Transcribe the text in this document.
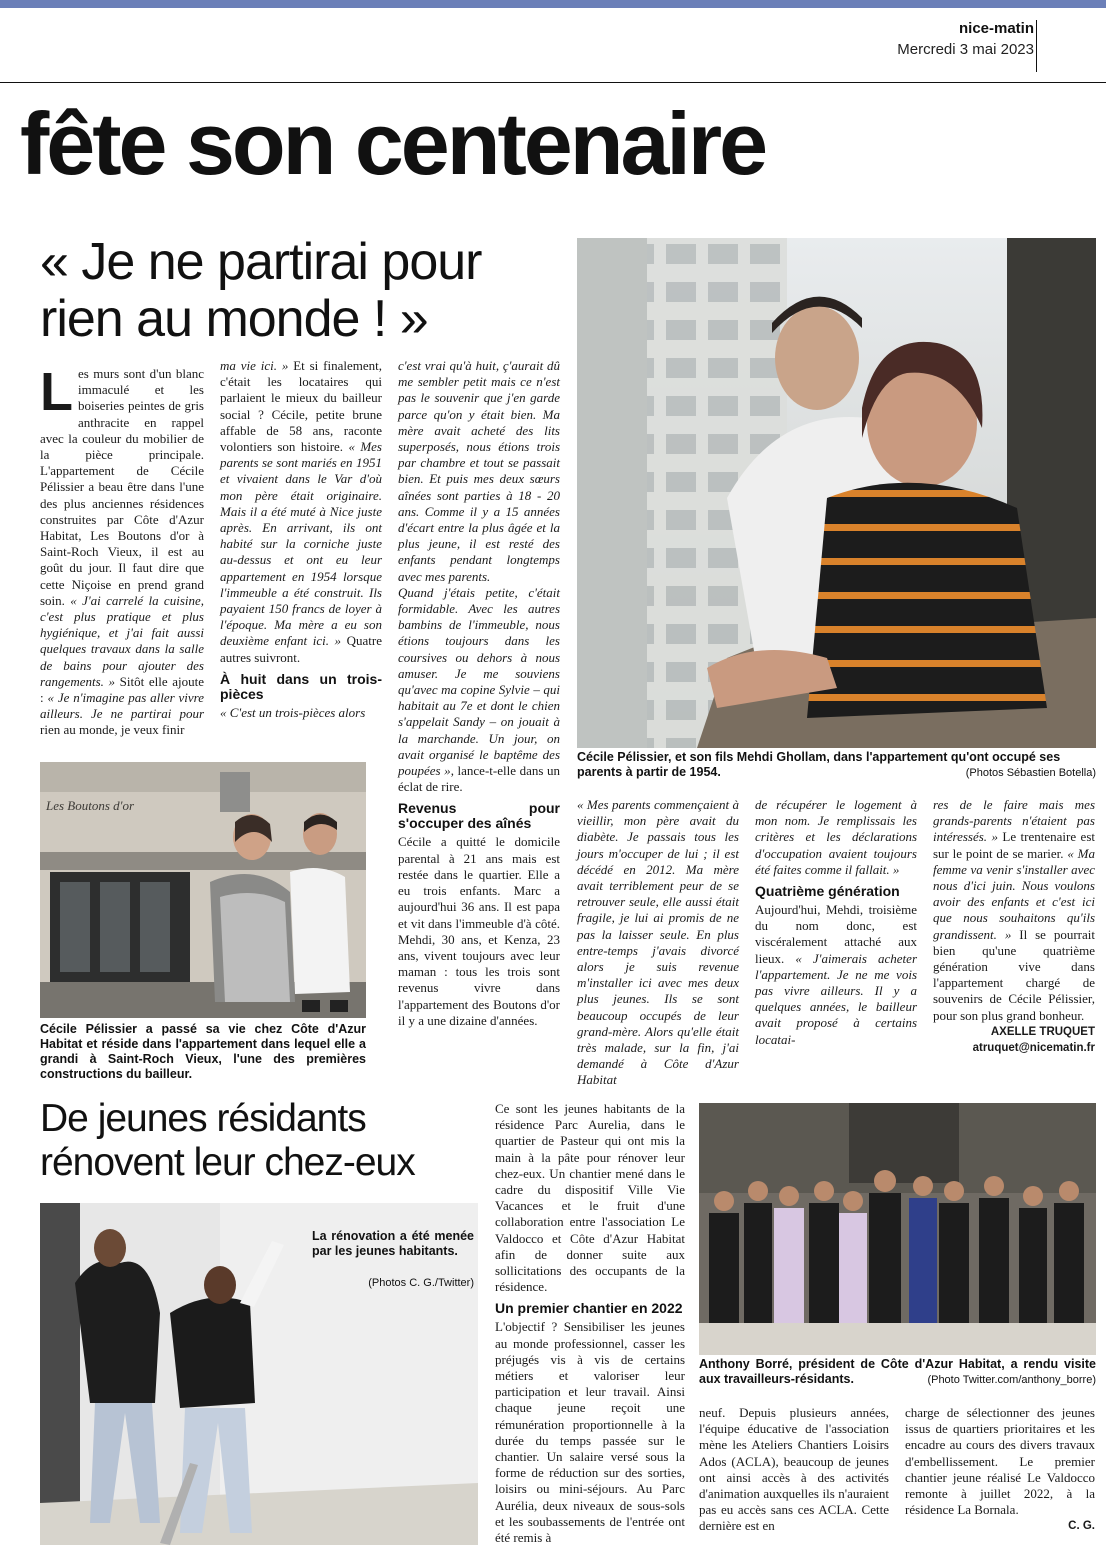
nice-matin
Mercredi 3 mai 2023
fête son centenaire
« Je ne partirai pour
rien au monde ! »

Les murs sont d'un blanc immaculé et les boiseries peintes de gris anthracite en rappel avec la couleur du mobilier de la pièce principale. L'appartement de Cécile Pélissier a beau être dans l'une des plus anciennes résidences construites par Côte d'Azur Habitat, Les Boutons d'or à Saint-Roch Vieux, il est au goût du jour. Il faut dire que cette Niçoise en prend grand soin. « J'ai carrelé la cuisine, c'est plus pratique et plus hygiénique, et j'ai fait aussi quelques travaux dans la salle de bains pour ajouter des rangements. » Sitôt elle ajoute : « Je n'imagine pas aller vivre ailleurs. Je ne partirai pour rien au monde, je veux finir

ma vie ici. » Et si finalement, c'était les locataires qui parlaient le mieux du bailleur social ? Cécile, petite brune affable de 58 ans, raconte volontiers son histoire. « Mes parents se sont mariés en 1951 et vivaient dans le Var d'où mon père était originaire. Mais il a été muté à Nice juste après. En arrivant, ils ont habité sur la corniche juste au-dessus et ont eu leur appartement en 1954 lorsque l'immeuble a été construit. Ils payaient 150 francs de loyer à l'époque. Ma mère a eu son deuxième enfant ici. » Quatre autres suivront.

À huit dans un trois-pièces

« C'est un trois-pièces alors

c'est vrai qu'à huit, ç'aurait dû me sembler petit mais ce n'est pas le souvenir que j'en garde parce qu'on y était bien. Ma mère avait acheté des lits superposés, nous étions trois par chambre et tout se passait bien. Et puis mes deux sœurs aînées sont parties à 18 - 20 ans. Comme il y a 15 années d'écart entre la plus âgée et la plus jeune, il est resté des enfants pendant longtemps avec mes parents.

Quand j'étais petite, c'était formidable. Avec les autres bambins de l'immeuble, nous étions toujours dans les coursives ou dehors à nous amuser. Je me souviens qu'avec ma copine Sylvie – qui habitait au 7e et dont le chien s'appelait Sandy – on jouait à la marchande. Un jour, on avait organisé le baptême des poupées », lance-t-elle dans un éclat de rire.

Revenus pour s'occuper des aînés

Cécile a quitté le domicile parental à 21 ans mais est restée dans le quartier. Elle a eu trois enfants. Marc a aujourd'hui 36 ans. Il est papa et vit dans l'immeuble d'à côté. Mehdi, 30 ans, et Kenza, 23 ans, vivent toujours avec leur maman : tous les trois sont revenus vivre dans l'appartement des Boutons d'or il y a une dizaine d'années.

Cécile Pélissier, et son fils Mehdi Ghollam, dans l'appartement qu'ont occupé ses parents à partir de 1954.	(Photos Sébastien Botella)
Les Boutons d'or
Cécile Pélissier a passé sa vie chez Côte d'Azur Habitat et réside dans l'appartement dans lequel elle a grandi à Saint-Roch Vieux, l'une des premières constructions du bailleur.

« Mes parents commençaient à vieillir, mon père avait du diabète. Je passais tous les jours m'occuper de lui ; il est décédé en 2012. Ma mère avait terriblement peur de se retrouver seule, elle aussi était fragile, je lui ai promis de ne pas la laisser seule. En plus entre-temps j'avais divorcé alors je suis revenue m'installer ici avec mes deux plus jeunes. Ils se sont beaucoup occupés de leur grand-mère. Alors qu'elle était très malade, sur la fin, j'ai demandé à Côte d'Azur Habitat

de récupérer le logement à mon nom. Je remplissais les critères et les déclarations d'occupation avaient toujours été faites comme il fallait. »

Quatrième génération

Aujourd'hui, Mehdi, troisième du nom donc, est viscéralement attaché aux lieux. « J'aimerais acheter l'appartement. Je ne me vois pas vivre ailleurs. Il y a quelques années, le bailleur avait proposé à certains locatai-

res de le faire mais mes grands-parents n'étaient pas intéressés. » Le trentenaire est sur le point de se marier. « Ma femme va venir s'installer avec nous d'ici juin. Nous voulons avoir des enfants et c'est ici que nous souhaitons qu'ils grandissent. » Il se pourrait bien qu'une quatrième génération vive dans l'appartement chargé de souvenirs de Cécile Pélissier, pour son plus grand bonheur.

AXELLE TRUQUET
atruquet@nicematin.fr
De jeunes résidants
rénovent leur chez-eux
La rénovation a été menée par les jeunes habitants.
(Photos C. G./Twitter)

Ce sont les jeunes habitants de la résidence Parc Aurelia, dans le quartier de Pasteur qui ont mis la main à la pâte pour rénover leur chez-eux. Un chantier mené dans le cadre du dispositif Ville Vie Vacances et le fruit d'une collaboration entre l'association Le Valdocco et Côte d'Azur Habitat afin de donner suite aux sollicitations des occupants de la résidence.

Un premier chantier en 2022

L'objectif ? Sensibiliser les jeunes au monde professionnel, casser les préjugés vis à vis de certains métiers et valoriser leur participation et leur travail. Ainsi chaque jeune reçoit une rémunération proportionnelle à la durée du temps passée sur le chantier. Un salaire versé sous la forme de réduction sur des sorties, loisirs ou mini-séjours. Au Parc Aurélia, deux niveaux de sous-sols et les soubassements de l'entrée ont été remis à

Anthony Borré, président de Côte d'Azur Habitat, a rendu visite aux travailleurs-résidants.	(Photo Twitter.com/anthony_borre)

neuf. Depuis plusieurs années, l'équipe éducative de l'association mène les Ateliers Chantiers Loisirs Ados (ACLA), beaucoup de jeunes ont ainsi accès à des activités d'animation auxquelles ils n'auraient pas eu accès sans ces ACLA. Cette dernière est en

charge de sélectionner des jeunes issus de quartiers prioritaires et les encadre au cours des divers travaux d'embellissement. Le premier chantier jeune réalisé Le Valdocco remonte à juillet 2022, à la résidence La Bornala.

C. G.
